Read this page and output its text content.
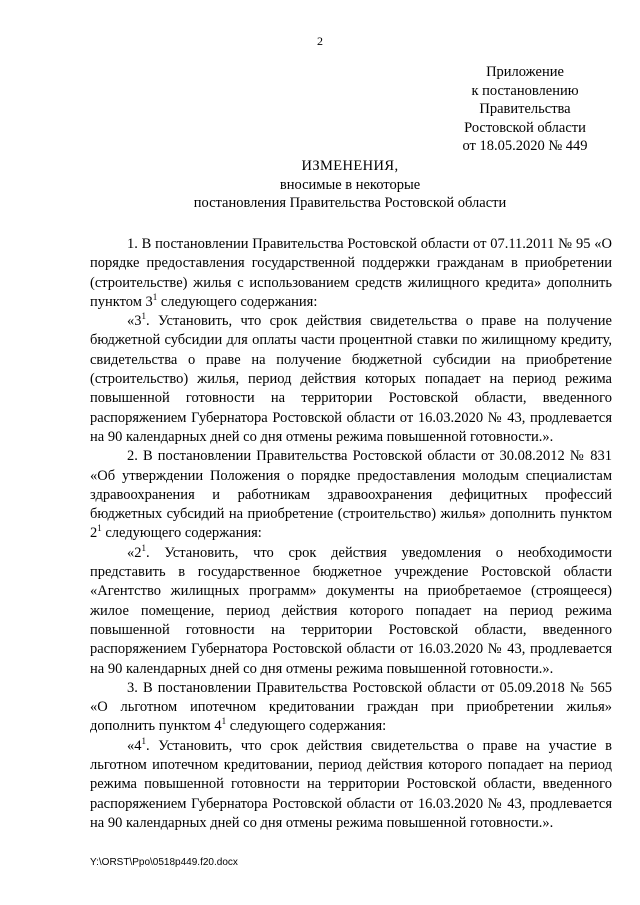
2
Приложение
к постановлению
Правительства
Ростовской области
от 18.05.2020 № 449
ИЗМЕНЕНИЯ,
вносимые в некоторые
постановления Правительства Ростовской области

1. В постановлении Правительства Ростовской области от 07.11.2011 № 95 «О порядке предоставления государственной поддержки гражданам в приобретении (строительстве) жилья с использованием средств жилищного кредита» дополнить пунктом $3^1$ следующего содержания:

«$3^1$. Установить, что срок действия свидетельства о праве на получение бюджетной субсидии для оплаты части процентной ставки по жилищному кредиту, свидетельства о праве на получение бюджетной субсидии на приобретение (строительство) жилья, период действия которых попадает на период режима повышенной готовности на территории Ростовской области, введенного распоряжением Губернатора Ростовской области от 16.03.2020 № 43, продлевается на 90 календарных дней со дня отмены режима повышенной готовности.».

2. В постановлении Правительства Ростовской области от 30.08.2012 № 831 «Об утверждении Положения о порядке предоставления молодым специалистам здравоохранения и работникам здравоохранения дефицитных профессий бюджетных субсидий на приобретение (строительство) жилья» дополнить пунктом $2^1$ следующего содержания:

«$2^1$. Установить, что срок действия уведомления о необходимости представить в государственное бюджетное учреждение Ростовской области «Агентство жилищных программ» документы на приобретаемое (строящееся) жилое помещение, период действия которого попадает на период режима повышенной готовности на территории Ростовской области, введенного распоряжением Губернатора Ростовской области от 16.03.2020 № 43, продлевается на 90 календарных дней со дня отмены режима повышенной готовности.».

3. В постановлении Правительства Ростовской области от 05.09.2018 № 565 «О льготном ипотечном кредитовании граждан при приобретении жилья» дополнить пунктом $4^1$ следующего содержания:

«$4^1$. Установить, что срок действия свидетельства о праве на участие в льготном ипотечном кредитовании, период действия которого попадает на период режима повышенной готовности на территории Ростовской области, введенного распоряжением Губернатора Ростовской области от 16.03.2020 № 43, продлевается на 90 календарных дней со дня отмены режима повышенной готовности.».

Y:\ORST\Ppo\0518p449.f20.docx
